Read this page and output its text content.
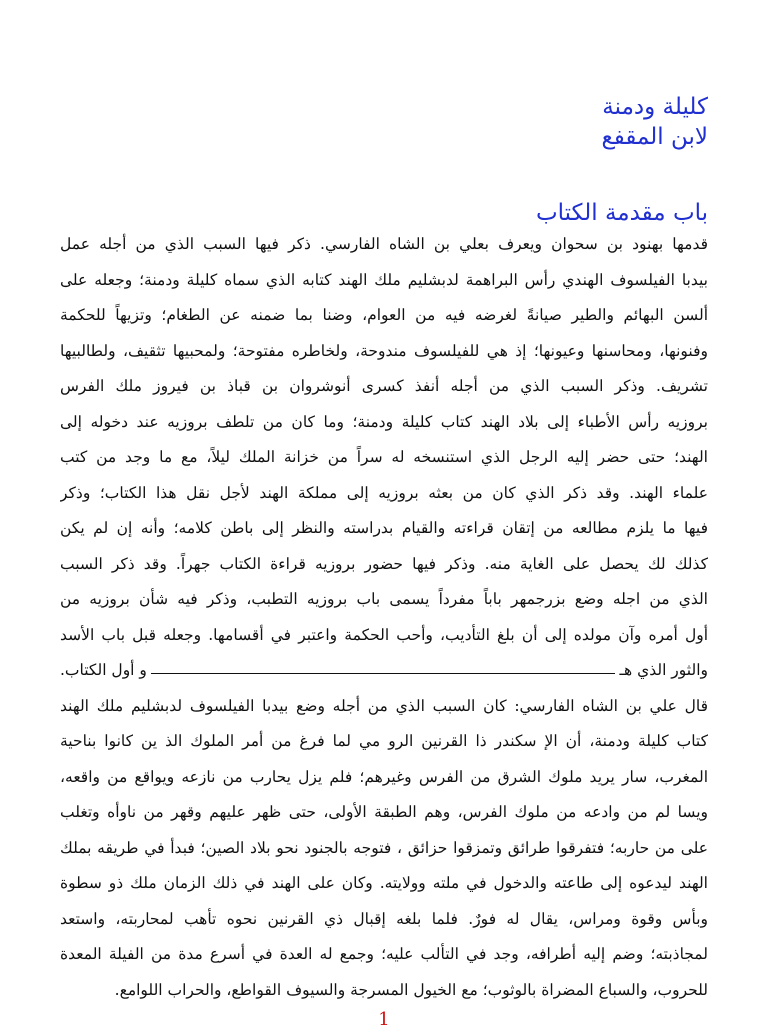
كليلة ودمنة
لابن المقفع
باب مقدمة الكتاب
قدمها بهنود بن سحوان ويعرف بعلي بن الشاه الفارسي. ذكر فيها السبب الذي من أجله عمل
بيدبا الفيلسوف الهندي رأس البراهمة لدبشليم ملك الهند كتابه الذي سماه كليلة ودمنة؛ وجعله على
ألسن البهائم والطير صيانةً لغرضه فيه من العوام، وضنا بما ضمنه عن الطغام؛ وتزيهاً للحكمة
وفنونها، ومحاسنها وعيونها؛ إذ هي للفيلسوف مندوحة، ولخاطره مفتوحة؛ ولمحبيها تثقيف، ولطالبيها
تشريف. وذكر السبب الذي من أجله أنفذ كسرى أنوشروان بن قباذ بن فيروز ملك الفرس
بروزيه رأس الأطباء إلى بلاد الهند كتاب كليلة ودمنة؛ وما كان من تلطف بروزيه عند دخوله إلى
الهند؛ حتى حضر إليه الرجل الذي استنسخه له سراً من خزانة الملك ليلاً، مع ما وجد من كتب
علماء الهند. وقد ذكر الذي كان من بعثه بروزيه إلى مملكة الهند لأجل نقل هذا الكتاب؛ وذكر
فيها ما يلزم مطالعه من إتقان قراءته والقيام بدراسته والنظر إلى باطن كلامه؛ وأنه إن لم يكن
كذلك لك يحصل على الغاية منه. وذكر فيها حضور بروزيه قراءة الكتاب جهراً. وقد ذكر السبب
الذي من اجله وضع بزرجمهر باباً مفرداً يسمى باب بروزيه التطبب، وذكر فيه شأن بروزيه من
أول أمره وآن مولده إلى أن بلغ التأديب، وأحب الحكمة واعتبر في أقسامها. وجعله قبل باب الأسد
والثور الذي هـ
و أول الكتاب.
قال علي بن الشاه الفارسي: كان السبب الذي من أجله وضع بيدبا الفيلسوف لدبشليم ملك الهند
كتاب كليلة ودمنة، أن الإ سكندر ذا القرنين الرو مي لما فرغ من أمر الملوك الذ ين كانوا بناحية
المغرب، سار يريد ملوك الشرق من الفرس وغيرهم؛ فلم يزل يحارب من نازعه ويواقع من واقعه،
ويسا لم من وادعه من ملوك الفرس، وهم الطبقة الأولى، حتى ظهر عليهم وقهر من ناوأه وتغلب
على من حاربه؛ فتفرقوا طرائق وتمزقوا حزائق ، فتوجه بالجنود نحو بلاد الصين؛ فبدأ في طريقه بملك
الهند ليدعوه إلى طاعته والدخول في ملته وولايته. وكان على الهند في ذلك الزمان ملك ذو سطوة
وبأس وقوة ومراس، يقال له فورٌ. فلما بلغه إقبال ذي القرنين نحوه تأهب لمحاربته، واستعد
لمجاذبته؛ وضم إليه أطرافه، وجد في التألب عليه؛ وجمع له العدة في أسرع مدة من الفيلة المعدة
للحروب، والسباع المضراة بالوثوب؛ مع الخيول المسرجة والسيوف القواطع، والحراب اللوامع.
1
